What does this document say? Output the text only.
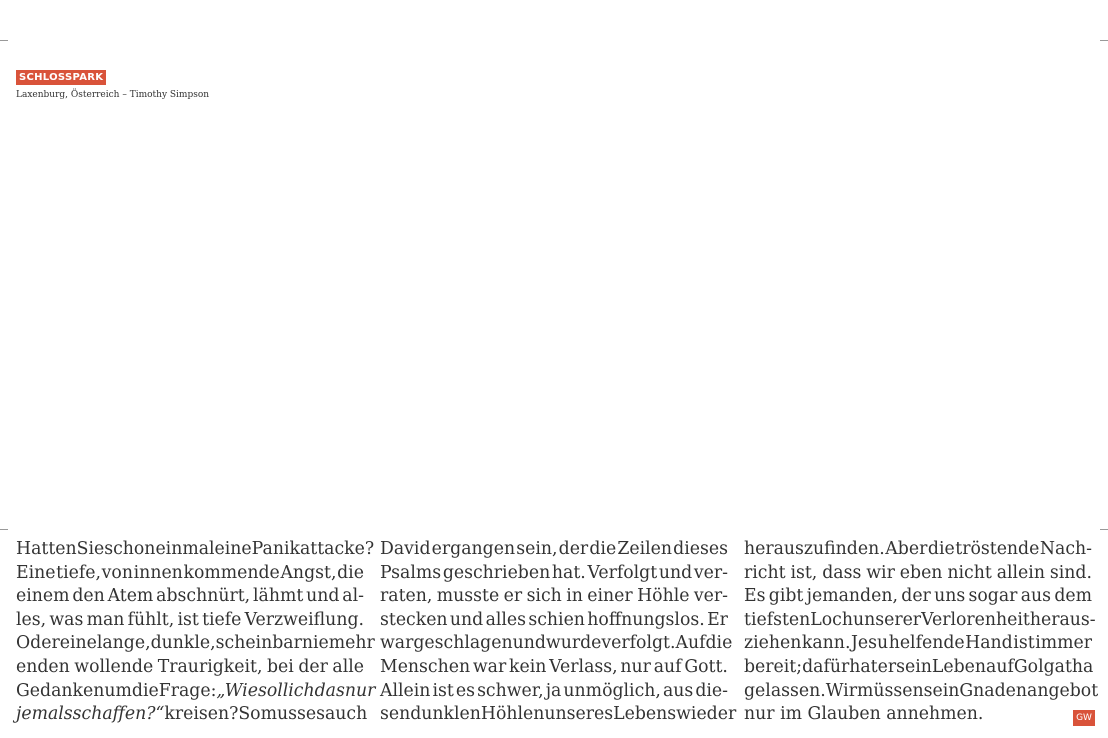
SCHLOSSPARK
Laxenburg, Österreich – Timothy Simpson
Hatten Sie schon einmal eine Panikattacke?
Eine tiefe, von innen kommende Angst, die
einem den Atem abschnürt, lähmt und al-
les, was man fühlt, ist tiefe Verzweiflung.
Oder eine lange, dunkle, scheinbar nie mehr
enden wollende Traurigkeit, bei der alle
Gedanken um die Frage: „Wie soll ich das nur
jemals schaffen?“ kreisen? So muss es auch
David ergangen sein, der die Zeilen dieses
Psalms geschrieben hat. Verfolgt und ver-
raten, musste er sich in einer Höhle ver-
stecken und alles schien hoffnungslos. Er
war geschlagen und wurde verfolgt. Auf die
Menschen war kein Verlass, nur auf Gott.
Allein ist es schwer, ja unmöglich, aus die-
sen dunklen Höhlen unseres Lebens wieder
herauszufinden. Aber die tröstende Nach-
richt ist, dass wir eben nicht allein sind.
Es gibt jemanden, der uns sogar aus dem
tiefsten Loch unserer Verlorenheit heraus-
ziehen kann. Jesu helfende Hand ist immer
bereit; dafür hat er sein Leben auf Golgatha
gelassen. Wir müssen sein Gnadenangebot
nur im Glauben annehmen.	GW
